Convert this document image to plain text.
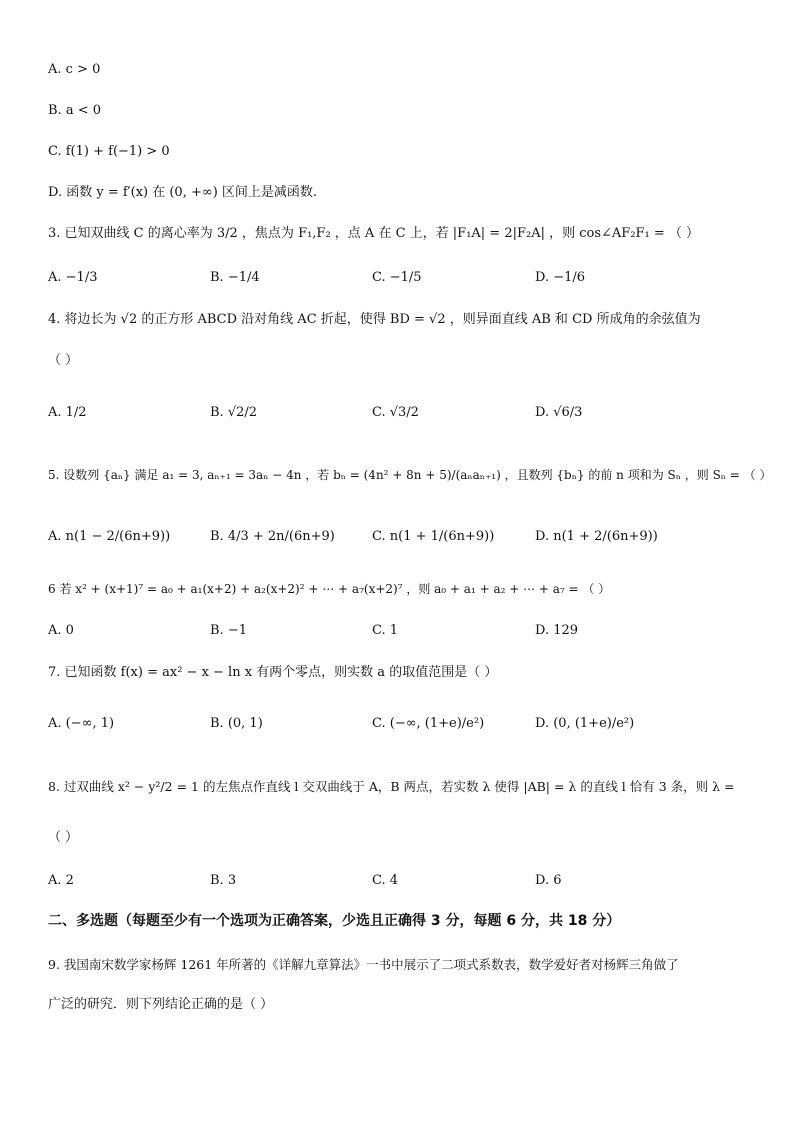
A. c > 0
B. a < 0
C. f(1) + f(−1) > 0
D. 函数 y = f′(x) 在 (0, +∞) 区间上是减函数.
3. 已知双曲线 C 的离心率为 3/2 ，焦点为 F₁,F₂ ，点 A 在 C 上，若 |F₁A| = 2|F₂A| ，则 cos∠AF₂F₁ = （ ）
A. −1/3	B. −1/4	C. −1/5	D. −1/6
4. 将边长为 √2 的正方形 ABCD 沿对角线 AC 折起，使得 BD = √2 ，则异面直线 AB 和 CD 所成角的余弦值为
（ ）
A. 1/2	B. √2/2	C. √3/2	D. √6/3
5. 设数列 {aₙ} 满足 a₁ = 3, aₙ₊₁ = 3aₙ − 4n ，若 bₙ = (4n² + 8n + 5)/(aₙaₙ₊₁) ，且数列 {bₙ} 的前 n 项和为 Sₙ ，则 Sₙ = （ ）
A. n(1 − 2/(6n+9))	B. 4/3 + 2n/(6n+9)	C. n(1 + 1/(6n+9))	D. n(1 + 2/(6n+9))
6 若 x² + (x+1)⁷ = a₀ + a₁(x+2) + a₂(x+2)² + ⋯ + a₇(x+2)⁷ ，则 a₀ + a₁ + a₂ + ⋯ + a₇ = （ ）
A. 0	B. −1	C. 1	D. 129
7. 已知函数 f(x) = ax² − x − ln x 有两个零点，则实数 a 的取值范围是（ ）
A. (−∞, 1)	B. (0, 1)	C. (−∞, (1+e)/e²)	D. (0, (1+e)/e²)
8. 过双曲线 x² − y²/2 = 1 的左焦点作直线 l 交双曲线于 A，B 两点，若实数 λ 使得 |AB| = λ 的直线 l 恰有 3 条，则 λ =
（ ）
A. 2	B. 3	C. 4	D. 6
二、多选题（每题至少有一个选项为正确答案，少选且正确得 3 分，每题 6 分，共 18 分）
9. 我国南宋数学家杨辉 1261 年所著的《详解九章算法》一书中展示了二项式系数表，数学爱好者对杨辉三角做了
广泛的研究．则下列结论正确的是（ ）
